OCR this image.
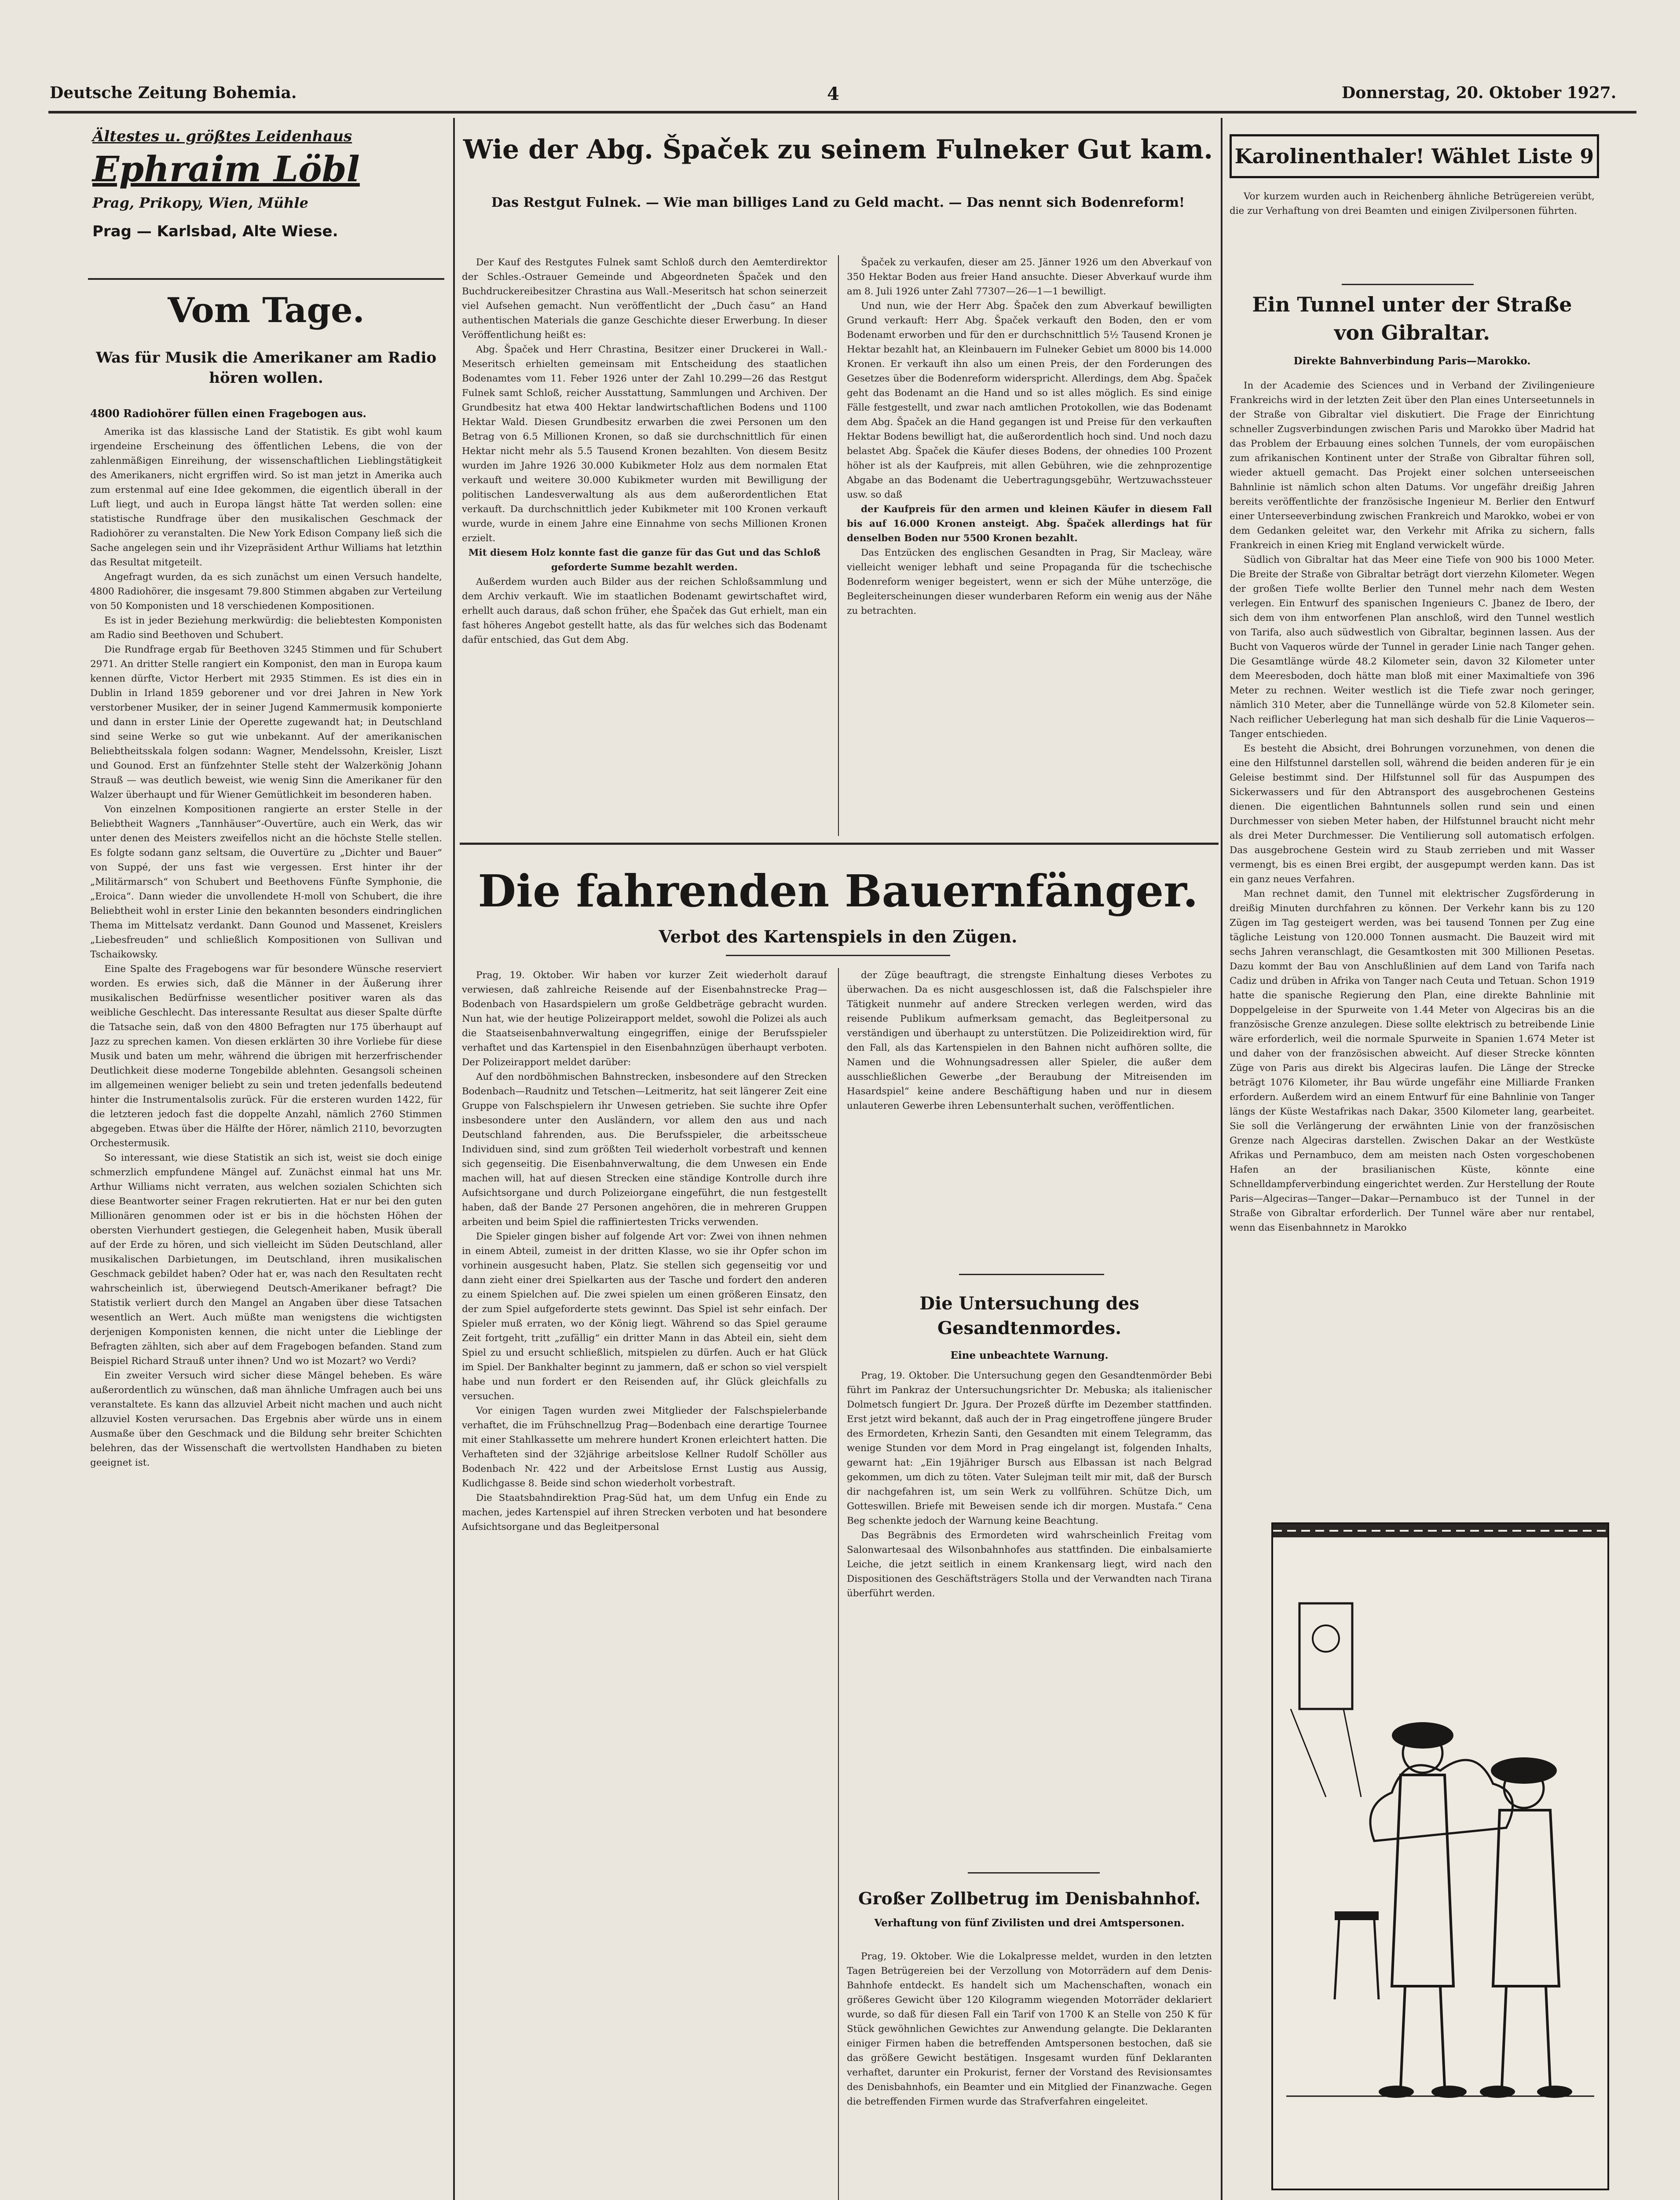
Deutsche Zeitung Bohemia.	4	Donnerstag, 20. Oktober 1927.
Ältestes u. größtes Leidenhaus
Ephraim Löbl
Prag, Prikopy, Wien, Mühle
Prag — Karlsbad, Alte Wiese.
Vom Tage.
Was für Musik die Amerikaner am Radio hören wollen.
4800 Radiohörer füllen einen Fragebogen aus.

Amerika ist das klassische Land der Statistik. Es gibt wohl kaum irgendeine Erscheinung des öffentlichen Lebens, die von der zahlenmäßigen Einreihung, der wissenschaftlichen Lieblingstätigkeit des Amerikaners, nicht ergriffen wird. So ist man jetzt in Amerika auch zum erstenmal auf eine Idee gekommen, die eigentlich überall in der Luft liegt, und auch in Europa längst hätte Tat werden sollen: eine statistische Rundfrage über den musikalischen Geschmack der Radiohörer zu veranstalten. Die New York Edison Company ließ sich die Sache angelegen sein und ihr Vizepräsident Arthur Williams hat letzthin das Resultat mitgeteilt.

Angefragt wurden, da es sich zunächst um einen Versuch handelte, 4800 Radiohörer, die insgesamt 79.800 Stimmen abgaben zur Verteilung von 50 Komponisten und 18 verschiedenen Kompositionen.

Es ist in jeder Beziehung merkwürdig: die beliebtesten Komponisten am Radio sind Beethoven und Schubert.

Die Rundfrage ergab für Beethoven 3245 Stimmen und für Schubert 2971. An dritter Stelle rangiert ein Komponist, den man in Europa kaum kennen dürfte, Victor Herbert mit 2935 Stimmen. Es ist dies ein in Dublin in Irland 1859 geborener und vor drei Jahren in New York verstorbener Musiker, der in seiner Jugend Kammermusik komponierte und dann in erster Linie der Operette zugewandt hat; in Deutschland sind seine Werke so gut wie unbekannt. Auf der amerikanischen Beliebtheitsskala folgen sodann: Wagner, Mendelssohn, Kreisler, Liszt und Gounod. Erst an fünfzehnter Stelle steht der Walzerkönig Johann Strauß — was deutlich beweist, wie wenig Sinn die Amerikaner für den Walzer überhaupt und für Wiener Gemütlichkeit im besonderen haben.

Von einzelnen Kompositionen rangierte an erster Stelle in der Beliebtheit Wagners „Tannhäuser“-Ouvertüre, auch ein Werk, das wir unter denen des Meisters zweifellos nicht an die höchste Stelle stellen. Es folgte sodann ganz seltsam, die Ouvertüre zu „Dichter und Bauer“ von Suppé, der uns fast wie vergessen. Erst hinter ihr der „Militärmarsch“ von Schubert und Beethovens Fünfte Symphonie, die „Eroica“. Dann wieder die unvollendete H-moll von Schubert, die ihre Beliebtheit wohl in erster Linie den bekannten besonders eindringlichen Thema im Mittelsatz verdankt. Dann Gounod und Massenet, Kreislers „Liebesfreuden“ und schließlich Kompositionen von Sullivan und Tschaikowsky.

Eine Spalte des Fragebogens war für besondere Wünsche reserviert worden. Es erwies sich, daß die Männer in der Äußerung ihrer musikalischen Bedürfnisse wesentlicher positiver waren als das weibliche Geschlecht. Das interessante Resultat aus dieser Spalte dürfte die Tatsache sein, daß von den 4800 Befragten nur 175 überhaupt auf Jazz zu sprechen kamen. Von diesen erklärten 30 ihre Vorliebe für diese Musik und baten um mehr, während die übrigen mit herzerfrischender Deutlichkeit diese moderne Tongebilde ablehnten. Gesangsoli scheinen im allgemeinen weniger beliebt zu sein und treten jedenfalls bedeutend hinter die Instrumentalsolis zurück. Für die ersteren wurden 1422, für die letzteren jedoch fast die doppelte Anzahl, nämlich 2760 Stimmen abgegeben. Etwas über die Hälfte der Hörer, nämlich 2110, bevorzugten Orchestermusik.

So interessant, wie diese Statistik an sich ist, weist sie doch einige schmerzlich empfundene Mängel auf. Zunächst einmal hat uns Mr. Arthur Williams nicht verraten, aus welchen sozialen Schichten sich diese Beantworter seiner Fragen rekrutierten. Hat er nur bei den guten Millionären genommen oder ist er bis in die höchsten Höhen der obersten Vierhundert gestiegen, die Gelegenheit haben, Musik überall auf der Erde zu hören, und sich vielleicht im Süden Deutschland, aller musikalischen Darbietungen, im Deutschland, ihren musikalischen Geschmack gebildet haben? Oder hat er, was nach den Resultaten recht wahrscheinlich ist, überwiegend Deutsch-Amerikaner befragt? Die Statistik verliert durch den Mangel an Angaben über diese Tatsachen wesentlich an Wert. Auch müßte man wenigstens die wichtigsten derjenigen Komponisten kennen, die nicht unter die Lieblinge der Befragten zählten, sich aber auf dem Fragebogen befanden. Stand zum Beispiel Richard Strauß unter ihnen? Und wo ist Mozart? wo Verdi?

Ein zweiter Versuch wird sicher diese Mängel beheben. Es wäre außerordentlich zu wünschen, daß man ähnliche Umfragen auch bei uns veranstaltete. Es kann das allzuviel Arbeit nicht machen und auch nicht allzuviel Kosten verursachen. Das Ergebnis aber würde uns in einem Ausmaße über den Geschmack und die Bildung sehr breiter Schichten belehren, das der Wissenschaft die wertvollsten Handhaben zu bieten geeignet ist.

Wie der Abg. Špaček zu seinem Fulneker Gut kam.
Das Restgut Fulnek. — Wie man billiges Land zu Geld macht. — Das nennt sich Bodenreform!

Der Kauf des Restgutes Fulnek samt Schloß durch den Aemterdirektor der Schles.-Ostrauer Gemeinde und Abgeordneten Špaček und den Buchdruckereibesitzer Chrastina aus Wall.-Meseritsch hat schon seinerzeit viel Aufsehen gemacht. Nun veröffentlicht der „Duch času“ an Hand authentischen Materials die ganze Geschichte dieser Erwerbung. In dieser Veröffentlichung heißt es:

Abg. Špaček und Herr Chrastina, Besitzer einer Druckerei in Wall.-Meseritsch erhielten gemeinsam mit Entscheidung des staatlichen Bodenamtes vom 11. Feber 1926 unter der Zahl 10.299—26 das Restgut Fulnek samt Schloß, reicher Ausstattung, Sammlungen und Archiven. Der Grundbesitz hat etwa 400 Hektar landwirtschaftlichen Bodens und 1100 Hektar Wald. Diesen Grundbesitz erwarben die zwei Personen um den Betrag von 6.5 Millionen Kronen, so daß sie durchschnittlich für einen Hektar nicht mehr als 5.5 Tausend Kronen bezahlten. Von diesem Besitz wurden im Jahre 1926 30.000 Kubikmeter Holz aus dem normalen Etat verkauft und weitere 30.000 Kubikmeter wurden mit Bewilligung der politischen Landesverwaltung als aus dem außerordentlichen Etat verkauft. Da durchschnittlich jeder Kubikmeter mit 100 Kronen verkauft wurde, wurde in einem Jahre eine Einnahme von sechs Millionen Kronen erzielt.

Mit diesem Holz konnte fast die ganze für das Gut und das Schloß geforderte Summe bezahlt werden.

Außerdem wurden auch Bilder aus der reichen Schloßsammlung und dem Archiv verkauft. Wie im staatlichen Bodenamt gewirtschaftet wird, erhellt auch daraus, daß schon früher, ehe Špaček das Gut erhielt, man ein fast höheres Angebot gestellt hatte, als das für welches sich das Bodenamt dafür entschied, das Gut dem Abg.

Špaček zu verkaufen, dieser am 25. Jänner 1926 um den Abverkauf von 350 Hektar Boden aus freier Hand ansuchte. Dieser Abverkauf wurde ihm am 8. Juli 1926 unter Zahl 77307—26—1—1 bewilligt.

Und nun, wie der Herr Abg. Špaček den zum Abverkauf bewilligten Grund verkauft: Herr Abg. Špaček verkauft den Boden, den er vom Bodenamt erworben und für den er durchschnittlich 5½ Tausend Kronen je Hektar bezahlt hat, an Kleinbauern im Fulneker Gebiet um 8000 bis 14.000 Kronen. Er verkauft ihn also um einen Preis, der den Forderungen des Gesetzes über die Bodenreform widerspricht. Allerdings, dem Abg. Špaček geht das Bodenamt an die Hand und so ist alles möglich. Es sind einige Fälle festgestellt, und zwar nach amtlichen Protokollen, wie das Bodenamt dem Abg. Špaček an die Hand gegangen ist und Preise für den verkauften Hektar Bodens bewilligt hat, die außerordentlich hoch sind. Und noch dazu belastet Abg. Špaček die Käufer dieses Bodens, der ohnedies 100 Prozent höher ist als der Kaufpreis, mit allen Gebühren, wie die zehnprozentige Abgabe an das Bodenamt die Uebertragungsgebühr, Wertzuwachssteuer usw. so daß

der Kaufpreis für den armen und kleinen Käufer in diesem Fall bis auf 16.000 Kronen ansteigt. Abg. Špaček allerdings hat für denselben Boden nur 5500 Kronen bezahlt.

Das Entzücken des englischen Gesandten in Prag, Sir Macleay, wäre vielleicht weniger lebhaft und seine Propaganda für die tschechische Bodenreform weniger begeistert, wenn er sich der Mühe unterzöge, die Begleiterscheinungen dieser wunderbaren Reform ein wenig aus der Nähe zu betrachten.

Die fahrenden Bauernfänger.
Verbot des Kartenspiels in den Zügen.

Prag, 19. Oktober. Wir haben vor kurzer Zeit wiederholt darauf verwiesen, daß zahlreiche Reisende auf der Eisenbahnstrecke Prag—Bodenbach von Hasardspielern um große Geldbeträge gebracht wurden. Nun hat, wie der heutige Polizeirapport meldet, sowohl die Polizei als auch die Staatseisenbahnverwaltung eingegriffen, einige der Berufsspieler verhaftet und das Kartenspiel in den Eisenbahnzügen überhaupt verboten. Der Polizeirapport meldet darüber:

Auf den nordböhmischen Bahnstrecken, insbesondere auf den Strecken Bodenbach—Raudnitz und Tetschen—Leitmeritz, hat seit längerer Zeit eine Gruppe von Falschspielern ihr Unwesen getrieben. Sie suchte ihre Opfer insbesondere unter den Ausländern, vor allem den aus und nach Deutschland fahrenden, aus. Die Berufsspieler, die arbeitsscheue Individuen sind, sind zum größten Teil wiederholt vorbestraft und kennen sich gegenseitig. Die Eisenbahnverwaltung, die dem Unwesen ein Ende machen will, hat auf diesen Strecken eine ständige Kontrolle durch ihre Aufsichtsorgane und durch Polizeiorgane eingeführt, die nun festgestellt haben, daß der Bande 27 Personen angehören, die in mehreren Gruppen arbeiten und beim Spiel die raffiniertesten Tricks verwenden.

Die Spieler gingen bisher auf folgende Art vor: Zwei von ihnen nehmen in einem Abteil, zumeist in der dritten Klasse, wo sie ihr Opfer schon im vorhinein ausgesucht haben, Platz. Sie stellen sich gegenseitig vor und dann zieht einer drei Spielkarten aus der Tasche und fordert den anderen zu einem Spielchen auf. Die zwei spielen um einen größeren Einsatz, den der zum Spiel aufgeforderte stets gewinnt. Das Spiel ist sehr einfach. Der Spieler muß erraten, wo der König liegt. Während so das Spiel geraume Zeit fortgeht, tritt „zufällig“ ein dritter Mann in das Abteil ein, sieht dem Spiel zu und ersucht schließlich, mitspielen zu dürfen. Auch er hat Glück im Spiel. Der Bankhalter beginnt zu jammern, daß er schon so viel verspielt habe und nun fordert er den Reisenden auf, ihr Glück gleichfalls zu versuchen.

Vor einigen Tagen wurden zwei Mitglieder der Falschspielerbande verhaftet, die im Frühschnellzug Prag—Bodenbach eine derartige Tournee mit einer Stahlkassette um mehrere hundert Kronen erleichtert hatten. Die Verhafteten sind der 32jährige arbeitslose Kellner Rudolf Schöller aus Bodenbach Nr. 422 und der Arbeitslose Ernst Lustig aus Aussig, Kudlichgasse 8. Beide sind schon wiederholt vorbestraft.

Die Staatsbahndirektion Prag-Süd hat, um dem Unfug ein Ende zu machen, jedes Kartenspiel auf ihren Strecken verboten und hat besondere Aufsichtsorgane und das Begleitpersonal

der Züge beauftragt, die strengste Einhaltung dieses Verbotes zu überwachen. Da es nicht ausgeschlossen ist, daß die Falschspieler ihre Tätigkeit nunmehr auf andere Strecken verlegen werden, wird das reisende Publikum aufmerksam gemacht, das Begleitpersonal zu verständigen und überhaupt zu unterstützen. Die Polizeidirektion wird, für den Fall, als das Kartenspielen in den Bahnen nicht aufhören sollte, die Namen und die Wohnungsadressen aller Spieler, die außer dem ausschließlichen Gewerbe „der Beraubung der Mitreisenden im Hasardspiel“ keine andere Beschäftigung haben und nur in diesem unlauteren Gewerbe ihren Lebensunterhalt suchen, veröffentlichen.

Die Untersuchung des Gesandtenmordes.
Eine unbeachtete Warnung.

Prag, 19. Oktober. Die Untersuchung gegen den Gesandtenmörder Bebi führt im Pankraz der Untersuchungsrichter Dr. Mebuska; als italienischer Dolmetsch fungiert Dr. Jgura. Der Prozeß dürfte im Dezember stattfinden. Erst jetzt wird bekannt, daß auch der in Prag eingetroffene jüngere Bruder des Ermordeten, Krhezin Santi, den Gesandten mit einem Telegramm, das wenige Stunden vor dem Mord in Prag eingelangt ist, folgenden Inhalts, gewarnt hat: „Ein 19jähriger Bursch aus Elbassan ist nach Belgrad gekommen, um dich zu töten. Vater Sulejman teilt mir mit, daß der Bursch dir nachgefahren ist, um sein Werk zu vollführen. Schütze Dich, um Gotteswillen. Briefe mit Beweisen sende ich dir morgen. Mustafa.“ Cena Beg schenkte jedoch der Warnung keine Beachtung.

Das Begräbnis des Ermordeten wird wahrscheinlich Freitag vom Salonwartesaal des Wilsonbahnhofes aus stattfinden. Die einbalsamierte Leiche, die jetzt seitlich in einem Krankensarg liegt, wird nach den Dispositionen des Geschäftsträgers Stolla und der Verwandten nach Tirana überführt werden.

Großer Zollbetrug im Denisbahnhof.
Verhaftung von fünf Zivilisten und drei Amtspersonen.

Prag, 19. Oktober. Wie die Lokalpresse meldet, wurden in den letzten Tagen Betrügereien bei der Verzollung von Motorrädern auf dem Denis-Bahnhofe entdeckt. Es handelt sich um Machenschaften, wonach ein größeres Gewicht über 120 Kilogramm wiegenden Motorräder deklariert wurde, so daß für diesen Fall ein Tarif von 1700 K an Stelle von 250 K für Stück gewöhnlichen Gewichtes zur Anwendung gelangte. Die Deklaranten einiger Firmen haben die betreffenden Amtspersonen bestochen, daß sie das größere Gewicht bestätigen. Insgesamt wurden fünf Deklaranten verhaftet, darunter ein Prokurist, ferner der Vorstand des Revisionsamtes des Denisbahnhofs, ein Beamter und ein Mitglied der Finanzwache. Gegen die betreffenden Firmen wurde das Strafverfahren eingeleitet.

Karolinenthaler! Wählet Liste 9

Vor kurzem wurden auch in Reichenberg ähnliche Betrügereien verübt, die zur Verhaftung von drei Beamten und einigen Zivilpersonen führten.

Ein Tunnel unter der Straße von Gibraltar.
Direkte Bahnverbindung Paris—Marokko.

In der Academie des Sciences und in Verband der Zivilingenieure Frankreichs wird in der letzten Zeit über den Plan eines Unterseetunnels in der Straße von Gibraltar viel diskutiert. Die Frage der Einrichtung schneller Zugsverbindungen zwischen Paris und Marokko über Madrid hat das Problem der Erbauung eines solchen Tunnels, der vom europäischen zum afrikanischen Kontinent unter der Straße von Gibraltar führen soll, wieder aktuell gemacht. Das Projekt einer solchen unterseeischen Bahnlinie ist nämlich schon alten Datums. Vor ungefähr dreißig Jahren bereits veröffentlichte der französische Ingenieur M. Berlier den Entwurf einer Unterseeverbindung zwischen Frankreich und Marokko, wobei er von dem Gedanken geleitet war, den Verkehr mit Afrika zu sichern, falls Frankreich in einen Krieg mit England verwickelt würde.

Südlich von Gibraltar hat das Meer eine Tiefe von 900 bis 1000 Meter. Die Breite der Straße von Gibraltar beträgt dort vierzehn Kilometer. Wegen der großen Tiefe wollte Berlier den Tunnel mehr nach dem Westen verlegen. Ein Entwurf des spanischen Ingenieurs C. Jbanez de Ibero, der sich dem von ihm entworfenen Plan anschloß, wird den Tunnel westlich von Tarifa, also auch südwestlich von Gibraltar, beginnen lassen. Aus der Bucht von Vaqueros würde der Tunnel in gerader Linie nach Tanger gehen. Die Gesamtlänge würde 48.2 Kilometer sein, davon 32 Kilometer unter dem Meeresboden, doch hätte man bloß mit einer Maximaltiefe von 396 Meter zu rechnen. Weiter westlich ist die Tiefe zwar noch geringer, nämlich 310 Meter, aber die Tunnellänge würde von 52.8 Kilometer sein. Nach reiflicher Ueberlegung hat man sich deshalb für die Linie Vaqueros—Tanger entschieden.

Es besteht die Absicht, drei Bohrungen vorzunehmen, von denen die eine den Hilfstunnel darstellen soll, während die beiden anderen für je ein Geleise bestimmt sind. Der Hilfstunnel soll für das Auspumpen des Sickerwassers und für den Abtransport des ausgebrochenen Gesteins dienen. Die eigentlichen Bahntunnels sollen rund sein und einen Durchmesser von sieben Meter haben, der Hilfstunnel braucht nicht mehr als drei Meter Durchmesser. Die Ventilierung soll automatisch erfolgen. Das ausgebrochene Gestein wird zu Staub zerrieben und mit Wasser vermengt, bis es einen Brei ergibt, der ausgepumpt werden kann. Das ist ein ganz neues Verfahren.

Man rechnet damit, den Tunnel mit elektrischer Zugsförderung in dreißig Minuten durchfahren zu können. Der Verkehr kann bis zu 120 Zügen im Tag gesteigert werden, was bei tausend Tonnen per Zug eine tägliche Leistung von 120.000 Tonnen ausmacht. Die Bauzeit wird mit sechs Jahren veranschlagt, die Gesamtkosten mit 300 Millionen Pesetas. Dazu kommt der Bau von Anschlußlinien auf dem Land von Tarifa nach Cadiz und drüben in Afrika von Tanger nach Ceuta und Tetuan. Schon 1919 hatte die spanische Regierung den Plan, eine direkte Bahnlinie mit Doppelgeleise in der Spurweite von 1.44 Meter von Algeciras bis an die französische Grenze anzulegen. Diese sollte elektrisch zu betreibende Linie wäre erforderlich, weil die normale Spurweite in Spanien 1.674 Meter ist und daher von der französischen abweicht. Auf dieser Strecke könnten Züge von Paris aus direkt bis Algeciras laufen. Die Länge der Strecke beträgt 1076 Kilometer, ihr Bau würde ungefähr eine Milliarde Franken erfordern. Außerdem wird an einem Entwurf für eine Bahnlinie von Tanger längs der Küste Westafrikas nach Dakar, 3500 Kilometer lang, gearbeitet. Sie soll die Verlängerung der erwähnten Linie von der französischen Grenze nach Algeciras darstellen. Zwischen Dakar an der Westküste Afrikas und Pernambuco, dem am meisten nach Osten vorgeschobenen Hafen an der brasilianischen Küste, könnte eine Schnelldampferverbindung eingerichtet werden. Zur Herstellung der Route Paris—Algeciras—Tanger—Dakar—Pernambuco ist der Tunnel in der Straße von Gibraltar erforderlich. Der Tunnel wäre aber nur rentabel, wenn das Eisenbahnnetz in Marokko
